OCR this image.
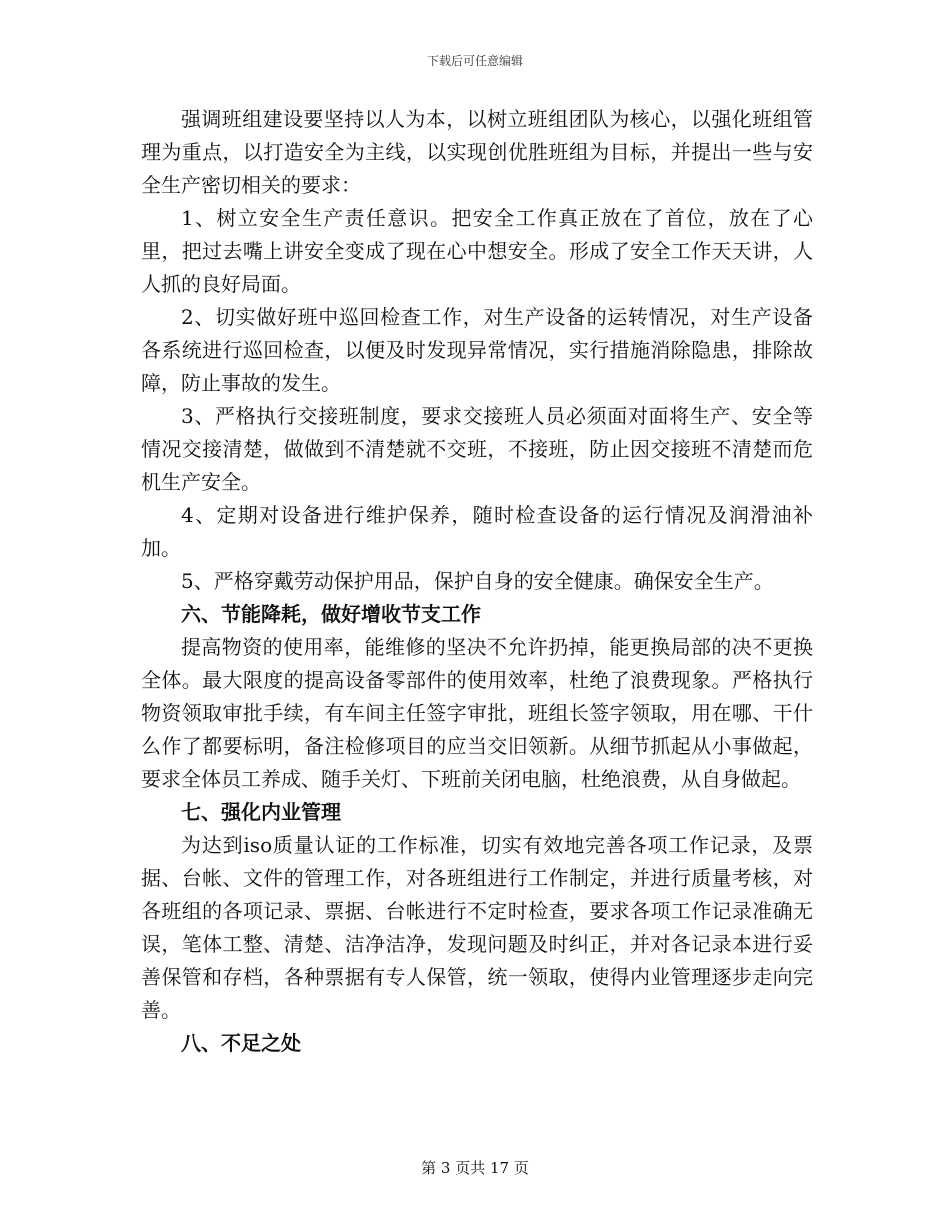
下载后可任意编辑

强调班组建设要坚持以人为本，以树立班组团队为核心，以强化班组管理为重点，以打造安全为主线，以实现创优胜班组为目标，并提出一些与安全生产密切相关的要求：

1、树立安全生产责任意识。把安全工作真正放在了首位，放在了心里，把过去嘴上讲安全变成了现在心中想安全。形成了安全工作天天讲，人人抓的良好局面。

2、切实做好班中巡回检查工作，对生产设备的运转情况，对生产设备各系统进行巡回检查，以便及时发现异常情况，实行措施消除隐患，排除故障，防止事故的发生。

3、严格执行交接班制度，要求交接班人员必须面对面将生产、安全等情况交接清楚，做做到不清楚就不交班，不接班，防止因交接班不清楚而危机生产安全。

4、定期对设备进行维护保养，随时检查设备的运行情况及润滑油补加。

5、严格穿戴劳动保护用品，保护自身的安全健康。确保安全生产。

六、节能降耗，做好增收节支工作

提高物资的使用率，能维修的坚决不允许扔掉，能更换局部的决不更换全体。最大限度的提高设备零部件的使用效率，杜绝了浪费现象。严格执行物资领取审批手续，有车间主任签字审批，班组长签字领取，用在哪、干什么作了都要标明，备注检修项目的应当交旧领新。从细节抓起从小事做起，要求全体员工养成、随手关灯、下班前关闭电脑，杜绝浪费，从自身做起。

七、强化内业管理

为达到iso质量认证的工作标准，切实有效地完善各项工作记录，及票据、台帐、文件的管理工作，对各班组进行工作制定，并进行质量考核，对各班组的各项记录、票据、台帐进行不定时检查，要求各项工作记录准确无误，笔体工整、清楚、洁净洁净，发现问题及时纠正，并对各记录本进行妥善保管和存档，各种票据有专人保管，统一领取，使得内业管理逐步走向完善。

八、不足之处

第 3 页共 17 页
